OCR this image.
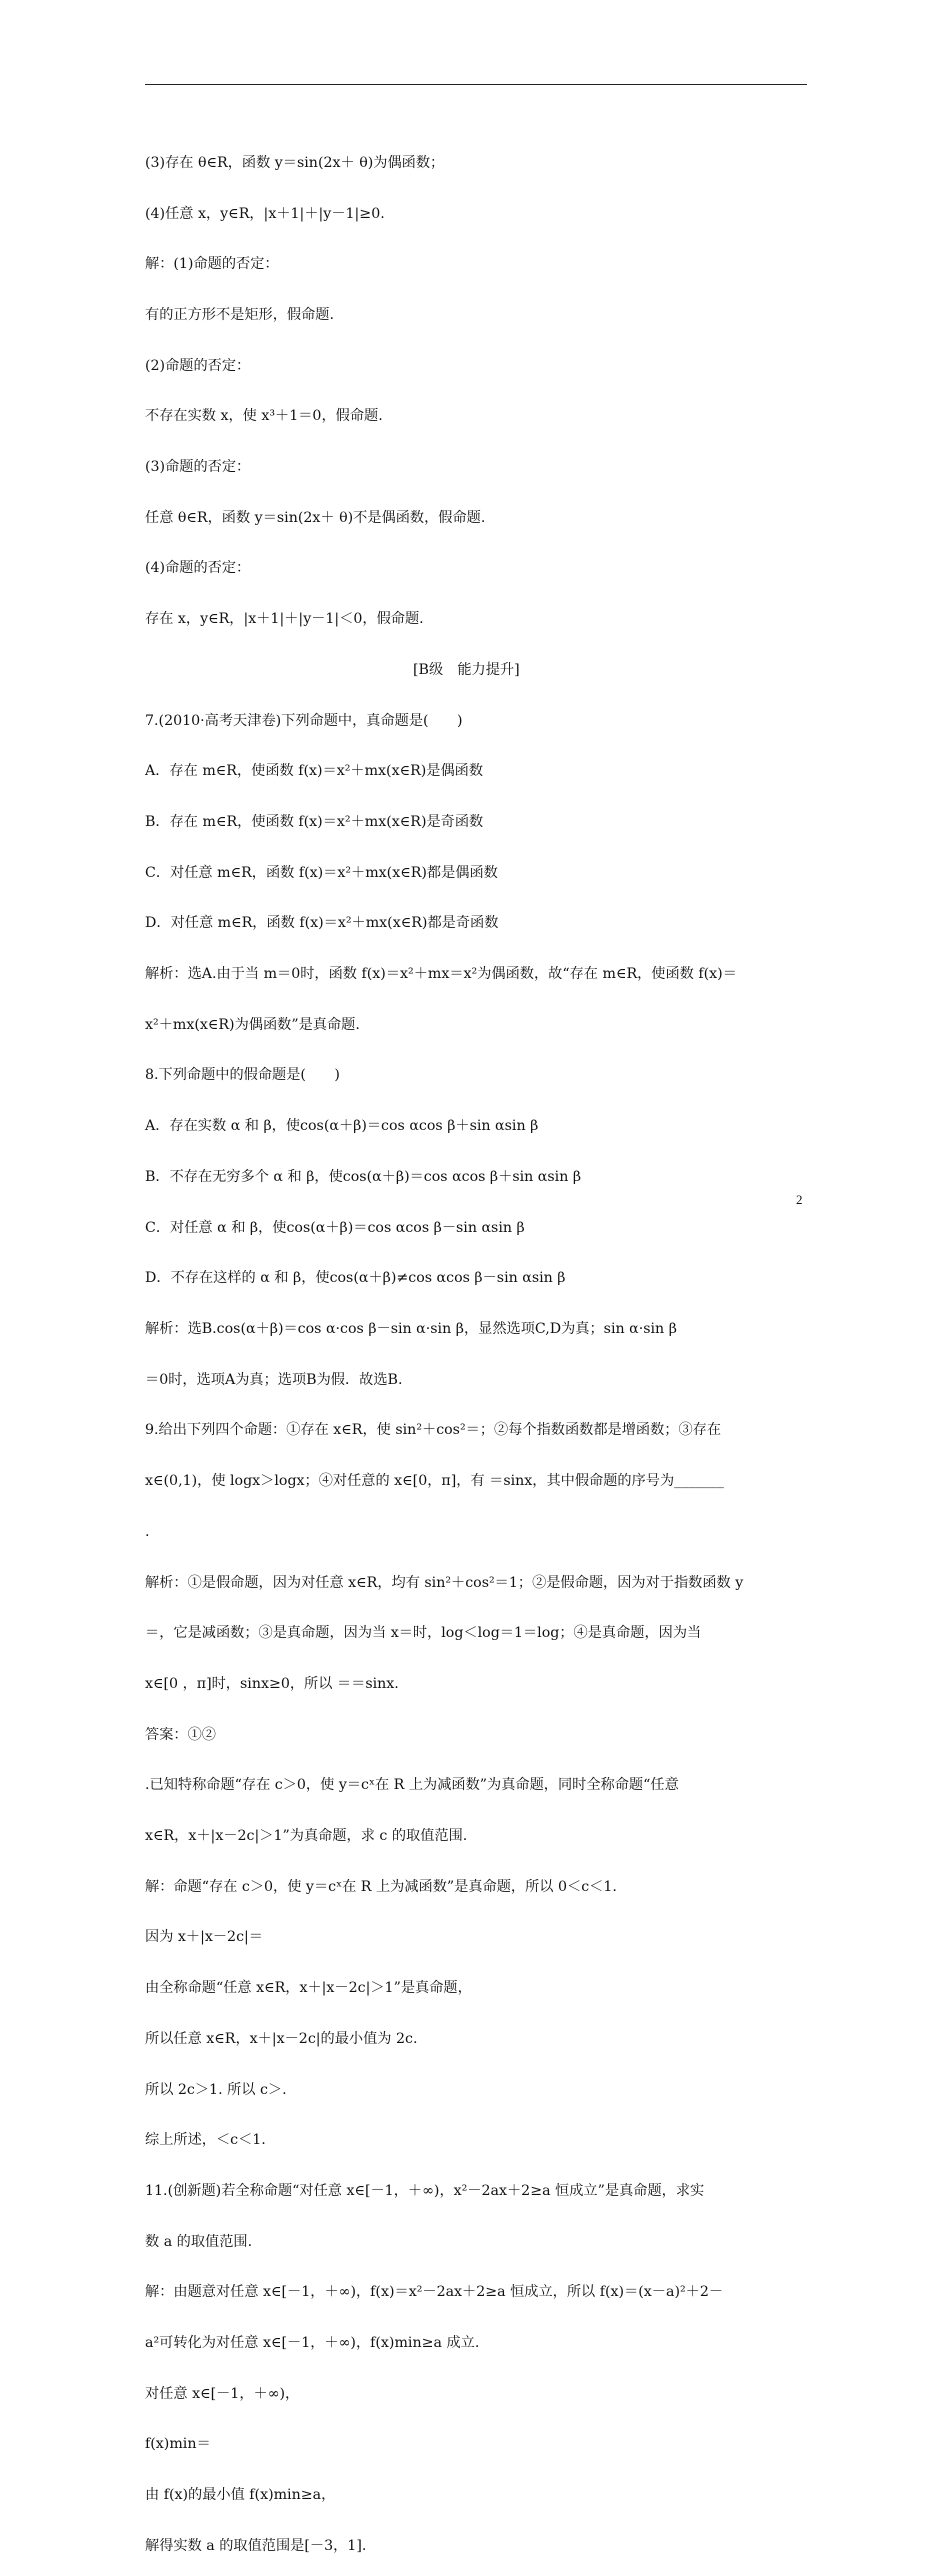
(3)存在 θ∈R，函数 y＝sin(2x＋ θ)为偶函数；

(4)任意 x，y∈R，|x＋1|＋|y－1|≥0.

解：(1)命题的否定：

有的正方形不是矩形，假命题.

(2)命题的否定：

不存在实数 x，使 x³＋1＝0，假命题.

(3)命题的否定：

任意 θ∈R，函数 y＝sin(2x＋ θ)不是偶函数，假命题.

(4)命题的否定：

存在 x，y∈R，|x＋1|＋|y－1|＜0，假命题.

[B级　能力提升]

7.(2010·高考天津卷)下列命题中，真命题是(　　)

A．存在 m∈R，使函数 f(x)＝x²＋mx(x∈R)是偶函数

B．存在 m∈R，使函数 f(x)＝x²＋mx(x∈R)是奇函数

C．对任意 m∈R，函数 f(x)＝x²＋mx(x∈R)都是偶函数

D．对任意 m∈R，函数 f(x)＝x²＋mx(x∈R)都是奇函数

解析：选A.由于当 m＝0时，函数 f(x)＝x²＋mx＝x²为偶函数，故“存在 m∈R，使函数 f(x)＝

x²＋mx(x∈R)为偶函数”是真命题.

8.下列命题中的假命题是(　　)

A．存在实数 α 和 β，使cos(α＋β)＝cos αcos β＋sin αsin β

B．不存在无穷多个 α 和 β，使cos(α＋β)＝cos αcos β＋sin αsin β

C．对任意 α 和 β，使cos(α＋β)＝cos αcos β－sin αsin β

D．不存在这样的 α 和 β，使cos(α＋β)≠cos αcos β－sin αsin β

解析：选B.cos(α＋β)＝cos α·cos β－sin α·sin β，显然选项C,D为真；sin α·sin β

＝0时，选项A为真；选项B为假．故选B.

9.给出下列四个命题：①存在 x∈R，使 sin²＋cos²＝；②每个指数函数都是增函数；③存在

x∈(0,1)，使 logx＞logx；④对任意的 x∈[0，π]，有 ＝sinx，其中假命题的序号为_______

.

解析：①是假命题，因为对任意 x∈R，均有 sin²＋cos²＝1；②是假命题，因为对于指数函数 y

＝，它是减函数；③是真命题，因为当 x＝时，log＜log＝1＝log；④是真命题，因为当

x∈[0 ，π]时，sinx≥0，所以 ＝＝sinx.

答案：①②

.已知特称命题“存在 c＞0，使 y＝cˣ在 R 上为减函数”为真命题，同时全称命题“任意

x∈R，x＋|x－2c|＞1”为真命题，求 c 的取值范围.

解：命题“存在 c＞0，使 y＝cˣ在 R 上为减函数”是真命题，所以 0＜c＜1.

因为 x＋|x－2c|＝

由全称命题“任意 x∈R，x＋|x－2c|＞1”是真命题，

所以任意 x∈R，x＋|x－2c|的最小值为 2c.

所以 2c＞1. 所以 c＞.

综上所述，＜c＜1.

11.(创新题)若全称命题“对任意 x∈[－1，＋∞)，x²－2ax＋2≥a 恒成立”是真命题，求实

数 a 的取值范围.

解：由题意对任意 x∈[－1，＋∞)，f(x)＝x²－2ax＋2≥a 恒成立，所以 f(x)＝(x－a)²＋2－

a²可转化为对任意 x∈[－1，＋∞)，f(x)min≥a 成立.

对任意 x∈[－1，＋∞)，

f(x)min＝

由 f(x)的最小值 f(x)min≥a，

解得实数 a 的取值范围是[－3，1].

2
